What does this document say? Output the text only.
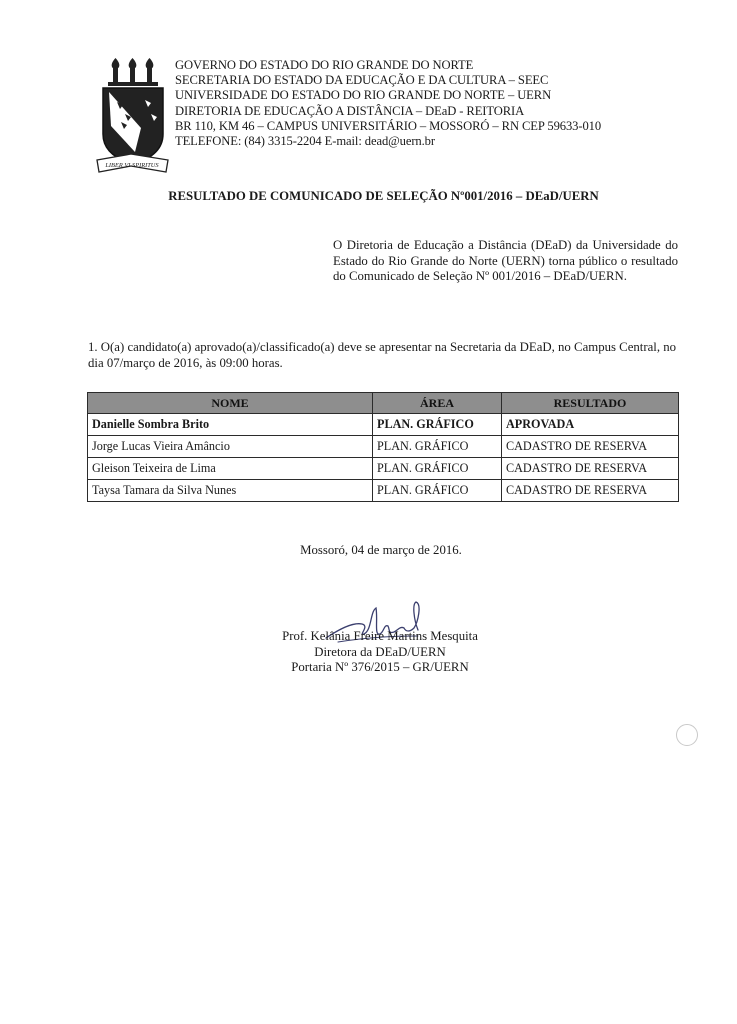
LIBER VI SPIRITUS
GOVERNO DO ESTADO DO RIO GRANDE DO NORTE
SECRETARIA DO ESTADO DA EDUCAÇÃO E DA CULTURA – SEEC
UNIVERSIDADE DO ESTADO DO RIO GRANDE DO NORTE – UERN
DIRETORIA DE EDUCAÇÃO A DISTÂNCIA – DEaD - REITORIA
BR 110, KM 46 – CAMPUS UNIVERSITÁRIO – MOSSORÓ – RN CEP 59633-010
TELEFONE: (84) 3315-2204 E-mail: dead@uern.br
RESULTADO DE COMUNICADO DE SELEÇÃO Nº001/2016 – DEaD/UERN
O Diretoria de Educação a Distância (DEaD) da Universidade do Estado do Rio Grande do Norte (UERN) torna público o resultado do Comunicado de Seleção Nº 001/2016 – DEaD/UERN.
1. O(a) candidato(a) aprovado(a)/classificado(a) deve se apresentar na Secretaria da DEaD, no Campus Central, no dia 07/março de 2016, às 09:00 horas.
NOME	ÁREA	RESULTADO
Danielle Sombra Brito	PLAN. GRÁFICO	APROVADA
Jorge Lucas Vieira Amâncio	PLAN. GRÁFICO	CADASTRO DE RESERVA
Gleison Teixeira de Lima	PLAN. GRÁFICO	CADASTRO DE RESERVA
Taysa Tamara da Silva Nunes	PLAN. GRÁFICO	CADASTRO DE RESERVA
Mossoró, 04 de março de 2016.
Prof. Kelânia Freire Martins Mesquita
Diretora da DEaD/UERN
Portaria Nº 376/2015 – GR/UERN
